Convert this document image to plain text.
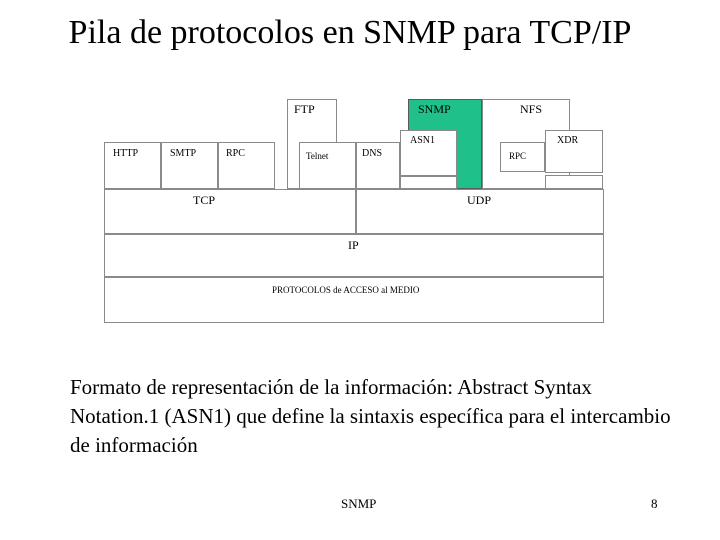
Pila de protocolos en SNMP para TCP/IP
FTP	SNMP	NFS
ASN1	XDR
HTTP	SMTP	RPC	Telnet	DNS	RPC
TCP	UDP
IP
PROTOCOLOS de ACCESO al MEDIO
Formato de representación de la información: Abstract Syntax Notation.1 (ASN1) que define la sintaxis específica para el intercambio de información
SNMP	8
